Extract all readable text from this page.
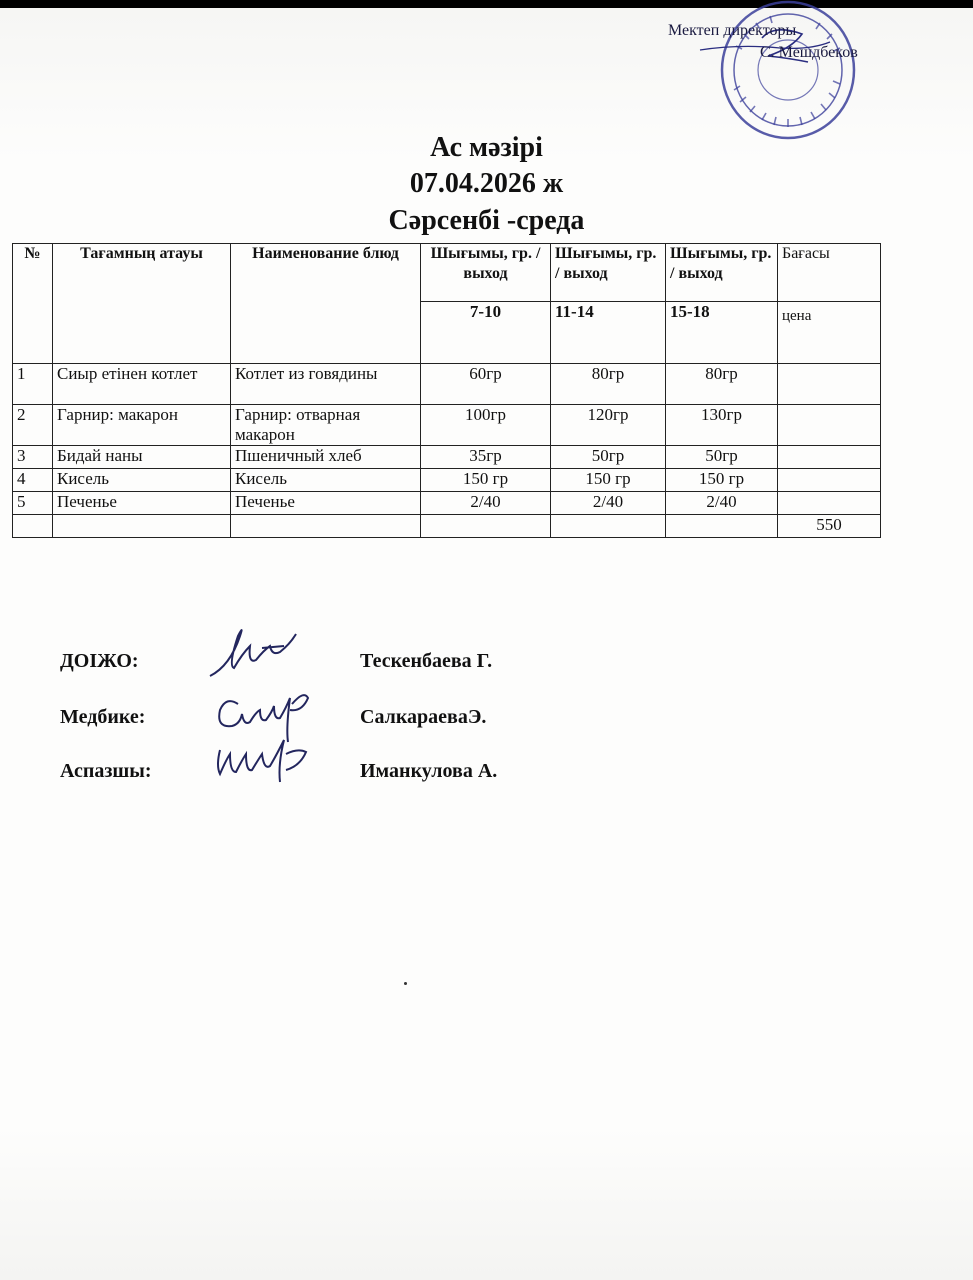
Мектеп директоры
С. Мешдбеков
Ас мәзірі
07.04.2026 ж
Сәрсенбі -среда
№	Тағамның атауы	Наименование блюд	Шығымы, гр. / выход	Шығымы, гр. / выход	Шығымы, гр. / выход	Бағасы
						цена
			7-10	11-14	15-18	
1	Сиыр етінен котлет	Котлет из говядины	60гр	80гр	80гр	
2	Гарнир: макарон	Гарнир: отварная макарон	100гр	120гр	130гр	
3	Бидай наны	Пшеничный хлеб	35гр	50гр	50гр	
4	Кисель	Кисель	150 гр	150 гр	150 гр	
5	Печенье	Печенье	2/40	2/40	2/40	
						550
ДОІЖО:	Тескенбаева Г.
Медбике:	СалкараеваЭ.
Аспазшы:	Иманкулова А.
